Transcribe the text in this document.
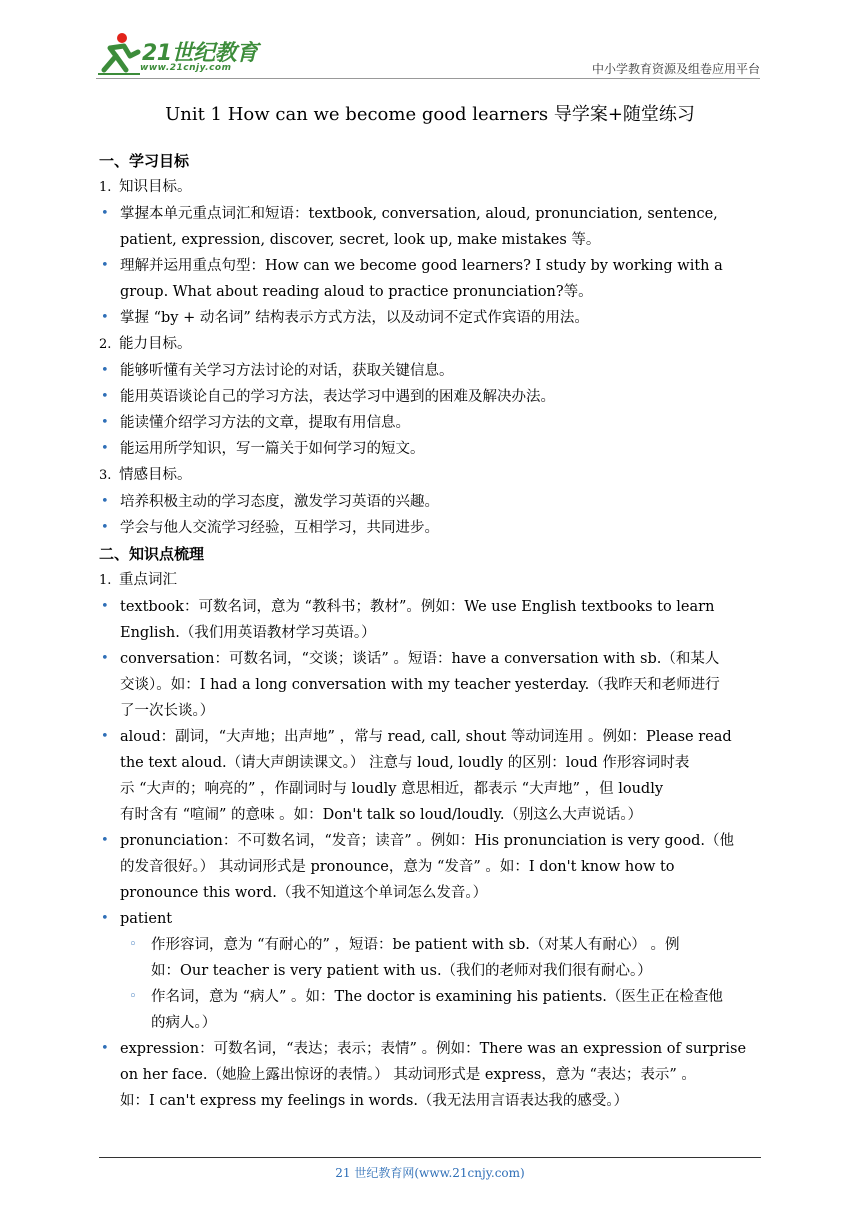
21世纪教育
www.21cnjy.com	中小学教育资源及组卷应用平台
Unit 1 How can we become good learners 导学案+随堂练习
一、学习目标
1. 知识目标。
• 掌握本单元重点词汇和短语：textbook, conversation, aloud, pronunciation, sentence,
patient, expression, discover, secret, look up, make mistakes 等。
• 理解并运用重点句型：How can we become good learners? I study by working with a
group. What about reading aloud to practice pronunciation?等。
• 掌握 “by + 动名词” 结构表示方式方法，以及动词不定式作宾语的用法。
2. 能力目标。
• 能够听懂有关学习方法讨论的对话，获取关键信息。
• 能用英语谈论自己的学习方法，表达学习中遇到的困难及解决办法。
• 能读懂介绍学习方法的文章，提取有用信息。
• 能运用所学知识，写一篇关于如何学习的短文。
3. 情感目标。
• 培养积极主动的学习态度，激发学习英语的兴趣。
• 学会与他人交流学习经验，互相学习，共同进步。
二、知识点梳理
1. 重点词汇
• textbook：可数名词，意为 “教科书；教材”。例如：We use English textbooks to learn
English.（我们用英语教材学习英语。）
• conversation：可数名词，“交谈；谈话” 。短语：have a conversation with sb.（和某人
交谈）。如：I had a long conversation with my teacher yesterday.（我昨天和老师进行
了一次长谈。）
• aloud：副词，“大声地；出声地” ，常与 read, call, shout 等动词连用 。例如：Please read
the text aloud.（请大声朗读课文。） 注意与 loud, loudly 的区别：loud 作形容词时表
示 “大声的；响亮的” ，作副词时与 loudly 意思相近，都表示 “大声地” ，但 loudly
有时含有 “喧闹” 的意味 。如：Don't talk so loud/loudly.（别这么大声说话。）
• pronunciation：不可数名词，“发音；读音” 。例如：His pronunciation is very good.（他
的发音很好。） 其动词形式是 pronounce，意为 “发音” 。如：I don't know how to
pronounce this word.（我不知道这个单词怎么发音。）
• patient
◦ 作形容词，意为 “有耐心的” ，短语：be patient with sb.（对某人有耐心） 。例
如：Our teacher is very patient with us.（我们的老师对我们很有耐心。）
◦ 作名词，意为 “病人” 。如：The doctor is examining his patients.（医生正在检查他
的病人。）
• expression：可数名词，“表达；表示；表情” 。例如：There was an expression of surprise
on her face.（她脸上露出惊讶的表情。） 其动词形式是 express，意为 “表达；表示” 。
如：I can't express my feelings in words.（我无法用言语表达我的感受。）
21 世纪教育网(www.21cnjy.com)
